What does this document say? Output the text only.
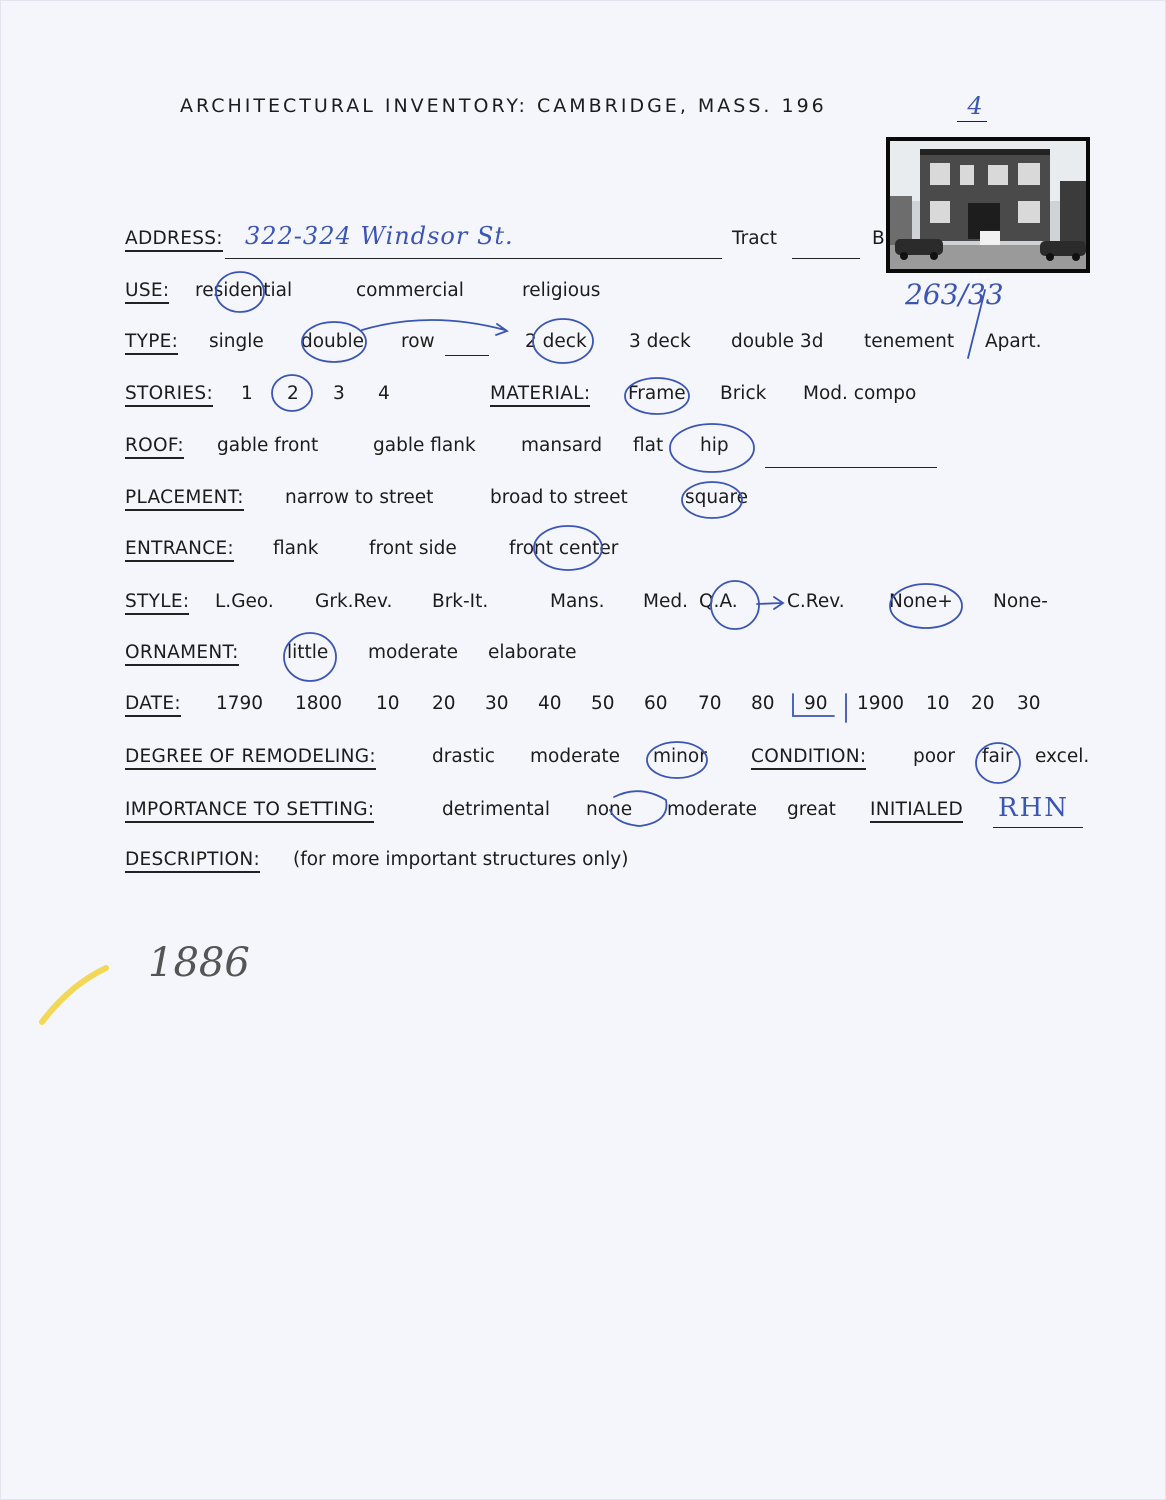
ARCHITECTURAL INVENTORY: CAMBRIDGE, MASS. 196	4
ADDRESS: 322-324 Windsor St.	Tract	B
263/33
USE: residential	commercial	religious
TYPE: single double row	2 deck 3 deck double 3d tenement Apart.
STORIES: 1 2 3 4	MATERIAL: Frame Brick Mod. compo
ROOF: gable front	gable flank mansard flat hip
PLACEMENT: narrow to street	broad to street	square
ENTRANCE: flank	front side	front center
STYLE: L.Geo. Grk.Rev. Brk-It.	Mans. Med. Q.A.	C.Rev. None+ None-
ORNAMENT:	little moderate elaborate
DATE: 1790 1800 10 20 30 40 50 60 70 80 90 1900 10 20 30
DEGREE OF REMODELING:	drastic moderate minor CONDITION:	poor fair excel.
IMPORTANCE TO SETTING:	detrimental none moderate great INITIALED RHN
DESCRIPTION: (for more important structures only)
1886
